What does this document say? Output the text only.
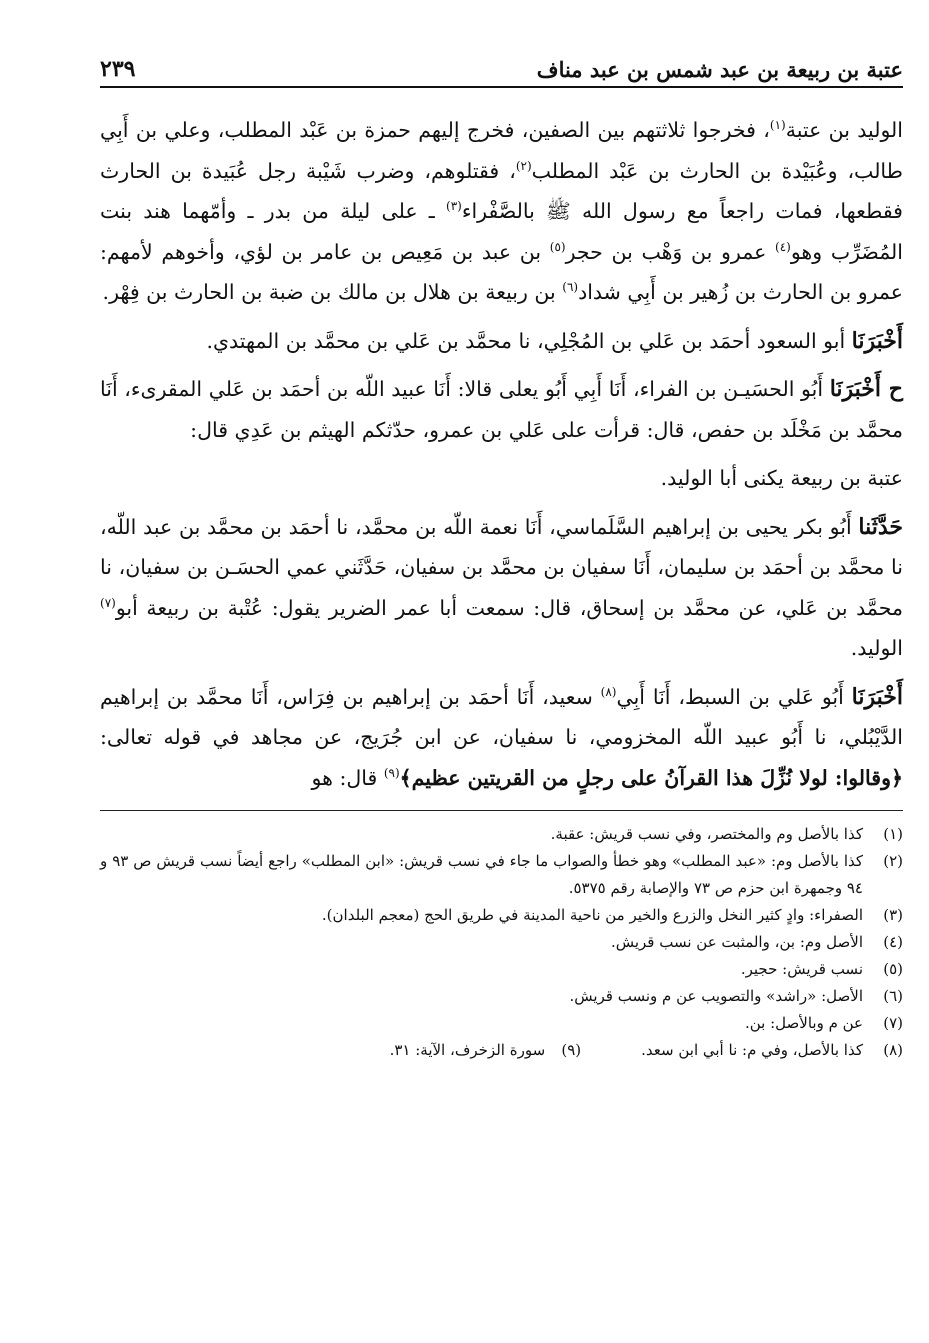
عتبة بن ربيعة بن عبد شمس بن عبد مناف
٢٣٩

الوليد بن عتبة$^{(١)}$، فخرجوا ثلاثتهم بين الصفين، فخرج إليهم حمزة بن عَبْد المطلب، وعلي بن أَبِي طالب، وعُبَيْدة بن الحارث بن عَبْد المطلب$^{(٢)}$، فقتلوهم، وضرب شَيْبة رجل عُبَيدة بن الحارث فقطعها، فمات راجعاً مع رسول الله ﷺ بالصَّفْراء$^{(٣)}$ ـ على ليلة من بدر ـ وأمّهما هند بنت المُضَرِّب وهو$^{(٤)}$ عمرو بن وَهْب بن حجر$^{(٥)}$ بن عبد بن مَعِيص بن عامر بن لؤي، وأخوهم لأمهم: عمرو بن الحارث بن زُهير بن أَبِي شداد$^{(٦)}$ بن ربيعة بن هلال بن مالك بن ضبة بن الحارث بن فِهْر.

أَخْبَرَنَا أبو السعود أحمَد بن عَلي بن المُجْلِي، نا محمَّد بن عَلي بن محمَّد بن المهتدي.

ح أَخْبَرَنَا أَبُو الحسَيـن بن الفراء، أَنَا أَبِي أَبُو يعلى قالا: أَنَا عبيد اللّه بن أحمَد بن عَلي المقرىء، أَنَا محمَّد بن مَخْلَد بن حفص، قال: قرأت على عَلي بن عمرو، حدّثكم الهيثم بن عَدِي قال:

عتبة بن ربيعة يكنى أبا الوليد.

حَدَّثَنا أَبُو بكر يحيى بن إبراهيم السَّلَماسي، أَنَا نعمة اللّه بن محمَّد، نا أحمَد بن محمَّد بن عبد اللّه، نا محمَّد بن أحمَد بن سليمان، أَنَا سفيان بن محمَّد بن سفيان، حَدَّثَني عمي الحسَـن بن سفيان، نا محمَّد بن عَلي، عن محمَّد بن إسحاق، قال: سمعت أبا عمر الضرير يقول: عُتْبة بن ربيعة أبو$^{(٧)}$ الوليد.

أَخْبَرَنَا أَبُو عَلي بن السبط، أَنَا أَبِي$^{(٨)}$ سعيد، أَنَا أحمَد بن إبراهيم بن فِرَاس، أَنَا محمَّد بن إبراهيم الدَّيْبُلي، نا أَبُو عبيد اللّه المخزومي، نا سفيان، عن ابن جُرَيج، عن مجاهد في قوله تعالى: ﴿وقالوا: لولا نُزِّلَ هذا القرآنُ على رجلٍ من القريتين عظيم﴾$^{(٩)}$ قال: هو

(١)
كذا بالأصل وم والمختصر، وفي نسب قريش: عقبة.
(٢)
كذا بالأصل وم: «عبد المطلب» وهو خطأ والصواب ما جاء في نسب قريش: «ابن المطلب» راجع أيضاً نسب قريش ص ٩٣ و ٩٤ وجمهرة ابن حزم ص ٧٣ والإصابة رقم ٥٣٧٥.
(٣)
الصفراء: وادٍ كثير النخل والزرع والخير من ناحية المدينة في طريق الحج (معجم البلدان).
(٤)
الأصل وم: بن، والمثبت عن نسب قريش.
(٥)
نسب قريش: حجير.
(٦)
الأصل: «راشد» والتصويب عن م ونسب قريش.
(٧)
عن م وبالأصل: بن.
(٨)
كذا بالأصل، وفي م: نا أبي ابن سعد.
(٩)
سورة الزخرف، الآية: ٣١.
